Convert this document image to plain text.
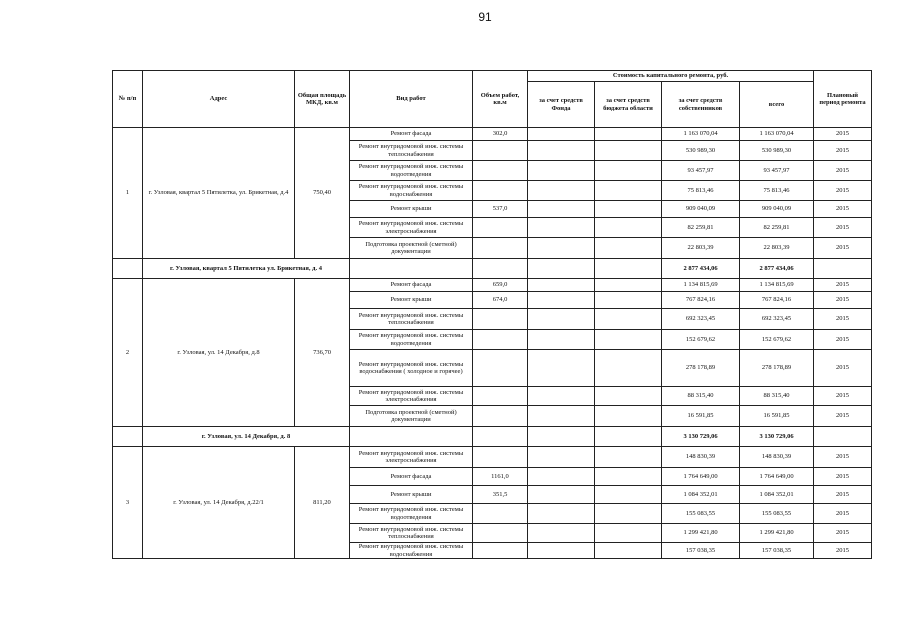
91
№ п/п	Адрес	Общая площадь МКД, кв.м	Вид работ	Объем работ, кв.м	Стоимость капитального ремонта, руб.				Плановый период ремонта
					за счет средств Фонда	за счет средств бюджета области	за счет средств собственников	всего	
1	г. Узловая, квартал 5 Пятилетка, ул. Брикетная, д.4	750,40	Ремонт фасада	302,0			1 163 070,04	1 163 070,04	2015
			Ремонт внутридомовой инж. системы теплоснабжения				530 989,30	530 989,30	2015
			Ремонт внутридомовой инж. системы водоотведения				93 457,97	93 457,97	2015
			Ремонт внутридомовой инж. системы водоснабжения				75 813,46	75 813,46	2015
			Ремонт крыши	537,0			909 040,09	909 040,09	2015
			Ремонт внутридомовой инж. системы электроснабжения				82 259,81	82 259,81	2015
			Подготовка проектной (сметной) документации				22 803,39	22 803,39	2015
	г. Узловая, квартал 5 Пятилетка ул. Брикетная, д. 4						2 877 434,06	2 877 434,06	
2	г. Узловая, ул. 14 Декабря, д.8	736,70	Ремонт фасада	659,0			1 134 815,69	1 134 815,69	2015
			Ремонт крыши	674,0			767 824,16	767 824,16	2015
			Ремонт внутридомовой инж. системы теплоснабжения				692 323,45	692 323,45	2015
			Ремонт внутридомовой инж. системы водоотведения				152 679,62	152 679,62	2015
			Ремонт внутридомовой инж. системы водоснабжения ( холодное и горячее)				278 178,89	278 178,89	2015
			Ремонт внутридомовой инж. системы электроснабжения				88 315,40	88 315,40	2015
			Подготовка проектной (сметной) документации				16 591,85	16 591,85	2015
	г. Узловая, ул. 14 Декабря, д. 8						3 130 729,06	3 130 729,06	
3	г. Узловая, ул. 14 Декабря, д.22/1	811,20	Ремонт внутридомовой инж. системы электроснабжения				148 830,39	148 830,39	2015
			Ремонт фасада	1161,0			1 764 649,00	1 764 649,00	2015
			Ремонт крыши	351,5			1 084 352,01	1 084 352,01	2015
			Ремонт внутридомовой инж. системы водоотведения				155 083,55	155 083,55	2015
			Ремонт внутридомовой инж. системы теплоснабжения				1 299 421,80	1 299 421,80	2015
			Ремонт внутридомовой инж. системы водоснабжения				157 038,35	157 038,35	2015
